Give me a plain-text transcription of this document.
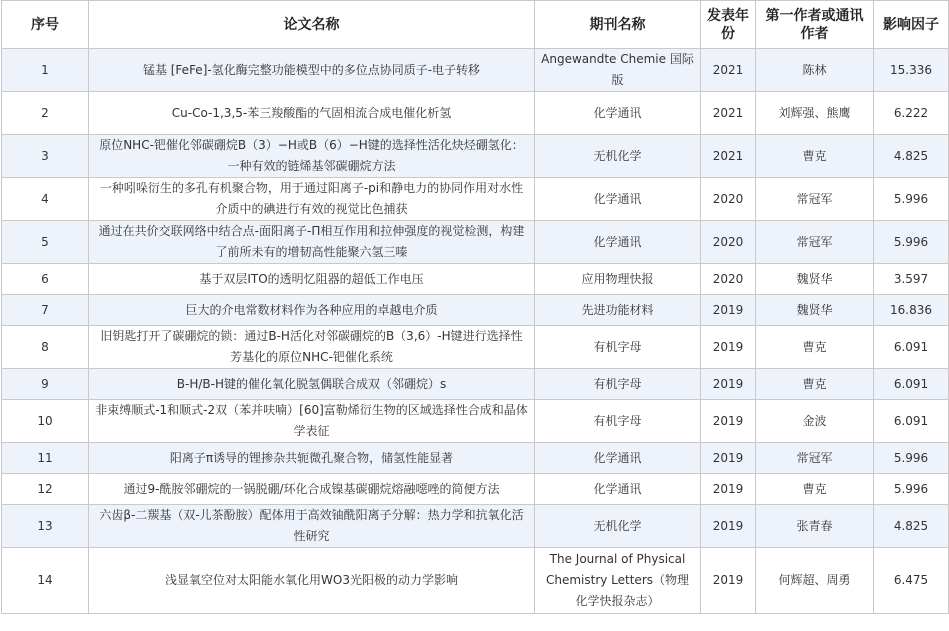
序号	论文名称	期刊名称	发表年份	第一作者或通讯作者	影响因子
1	锰基 [FeFe]-氢化酶完整功能模型中的多位点协同质子-电子转移	Angewandte Chemie 国际版	2021	陈林	15.336
2	Cu-Co-1,3,5-苯三羧酸酯的气固相流合成电催化析氢	化学通讯	2021	刘辉强、熊鹰	6.222
3	原位NHC-钯催化邻碳硼烷B（3）−H或B（6）−H键的选择性活化炔烃硼氢化：一种有效的链烯基邻碳硼烷方法	无机化学	2021	曹克	4.825
4	一种吲哚衍生的多孔有机聚合物，用于通过阳离子-pi和静电力的协同作用对水性介质中的碘进行有效的视觉比色捕获	化学通讯	2020	常冠军	5.996
5	通过在共价交联网络中结合点-面阳离子-Π相互作用和拉伸强度的视觉检测，构建了前所未有的增韧高性能聚六氢三嗪	化学通讯	2020	常冠军	5.996
6	基于双层ITO的透明忆阻器的超低工作电压	应用物理快报	2020	魏贤华	3.597
7	巨大的介电常数材料作为各种应用的卓越电介质	先进功能材料	2019	魏贤华	16.836
8	旧钥匙打开了碳硼烷的锁：通过B-H活化对邻碳硼烷的B（3,6）-H键进行选择性芳基化的原位NHC-钯催化系统	有机字母	2019	曹克	6.091
9	B-H/B-H键的催化氧化脱氢偶联合成双（邻硼烷）s	有机字母	2019	曹克	6.091
10	非束缚顺式-1和顺式-2双（苯并呋喃）[60]富勒烯衍生物的区域选择性合成和晶体学表征	有机字母	2019	金波	6.091
11	阳离子π诱导的锂掺杂共轭微孔聚合物，储氢性能显著	化学通讯	2019	常冠军	5.996
12	通过9-酰胺邻硼烷的一锅脱硼/环化合成镍基碳硼烷熔融噁唑的简便方法	化学通讯	2019	曹克	5.996
13	六齿β-二羰基（双-儿茶酚胺）配体用于高效铀酰阳离子分解：热力学和抗氧化活性研究	无机化学	2019	张青春	4.825
14	浅显氧空位对太阳能水氧化用WO3光阳极的动力学影响	The Journal of Physical Chemistry Letters（物理化学快报杂志）	2019	何辉超、周勇	6.475
